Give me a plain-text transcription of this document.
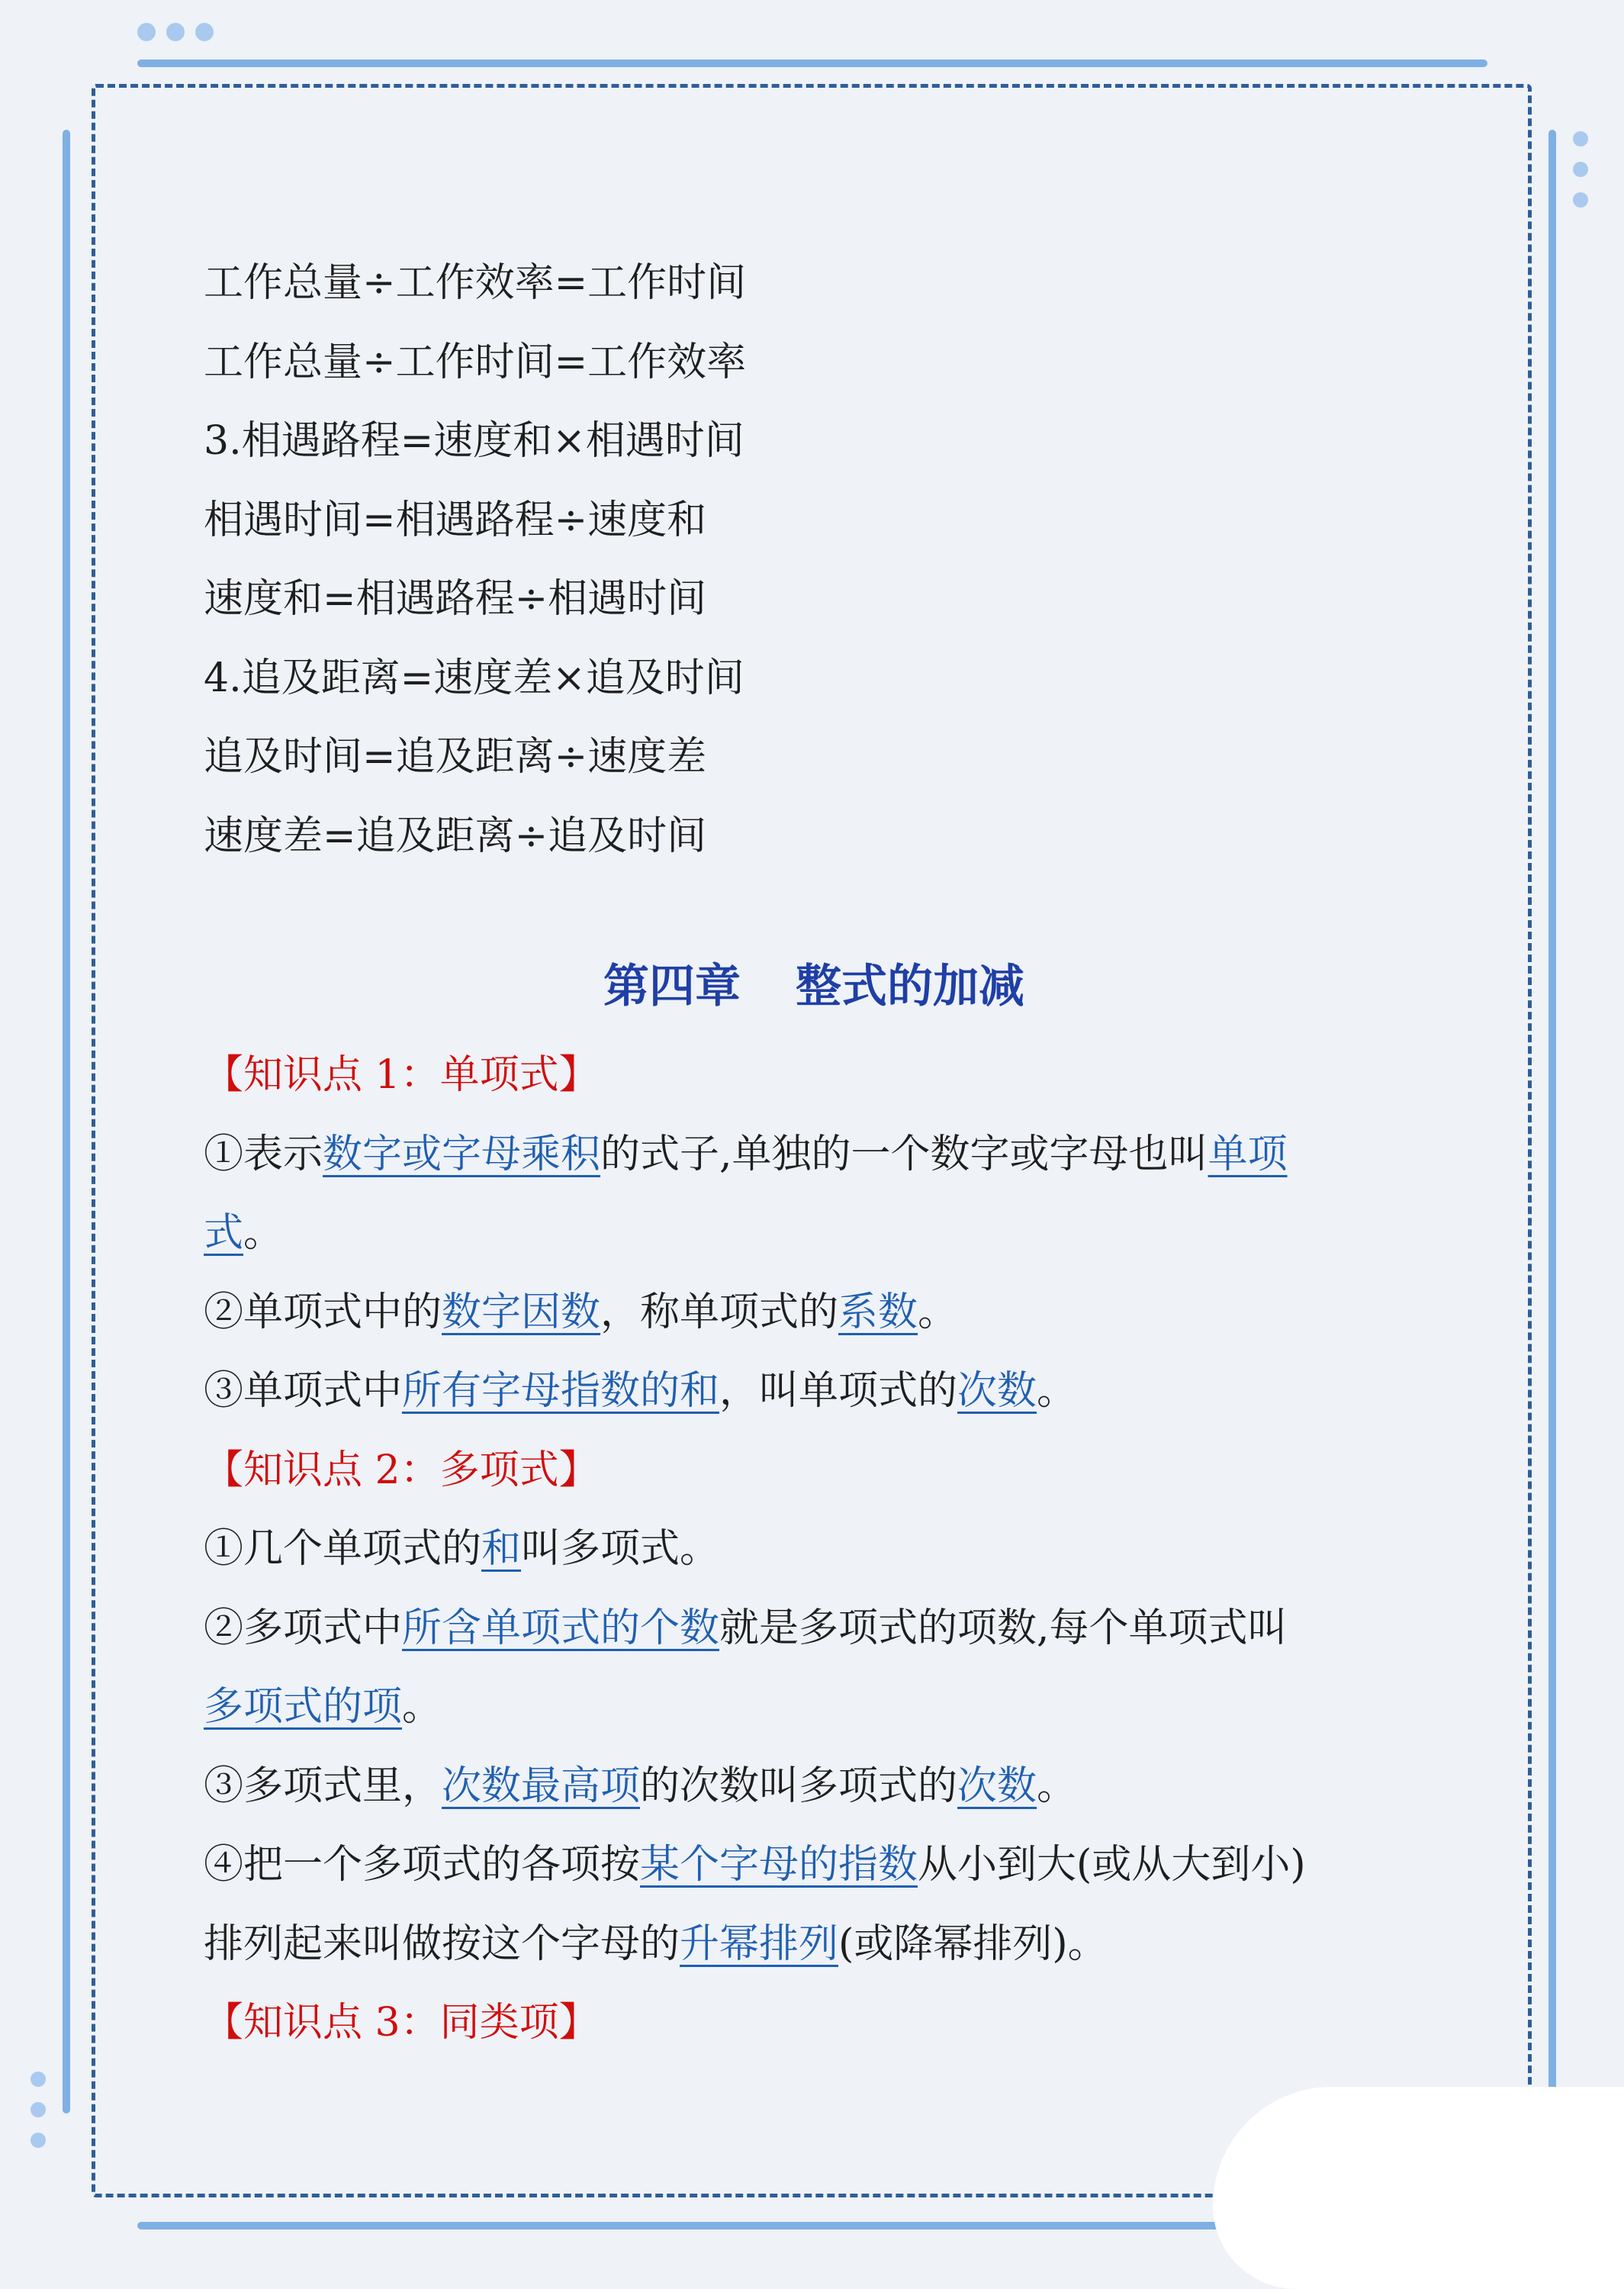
工作总量÷工作效率=工作时间
工作总量÷工作时间=工作效率
3.相遇路程=速度和×相遇时间
相遇时间=相遇路程÷速度和
速度和=相遇路程÷相遇时间
4.追及距离=速度差×追及时间
追及时间=追及距离÷速度差
速度差=追及距离÷追及时间
第四章 整式的加减
【知识点 1：单项式】
①表示数字或字母乘积的式子,单独的一个数字或字母也叫单项
式。
②单项式中的数字因数，称单项式的系数。
③单项式中所有字母指数的和，叫单项式的次数。
【知识点 2：多项式】
①几个单项式的和叫多项式。
②多项式中所含单项式的个数就是多项式的项数,每个单项式叫
多项式的项。
③多项式里，次数最高项的次数叫多项式的次数。
④把一个多项式的各项按某个字母的指数从小到大(或从大到小)
排列起来叫做按这个字母的升幂排列(或降幂排列)。
【知识点 3：同类项】
